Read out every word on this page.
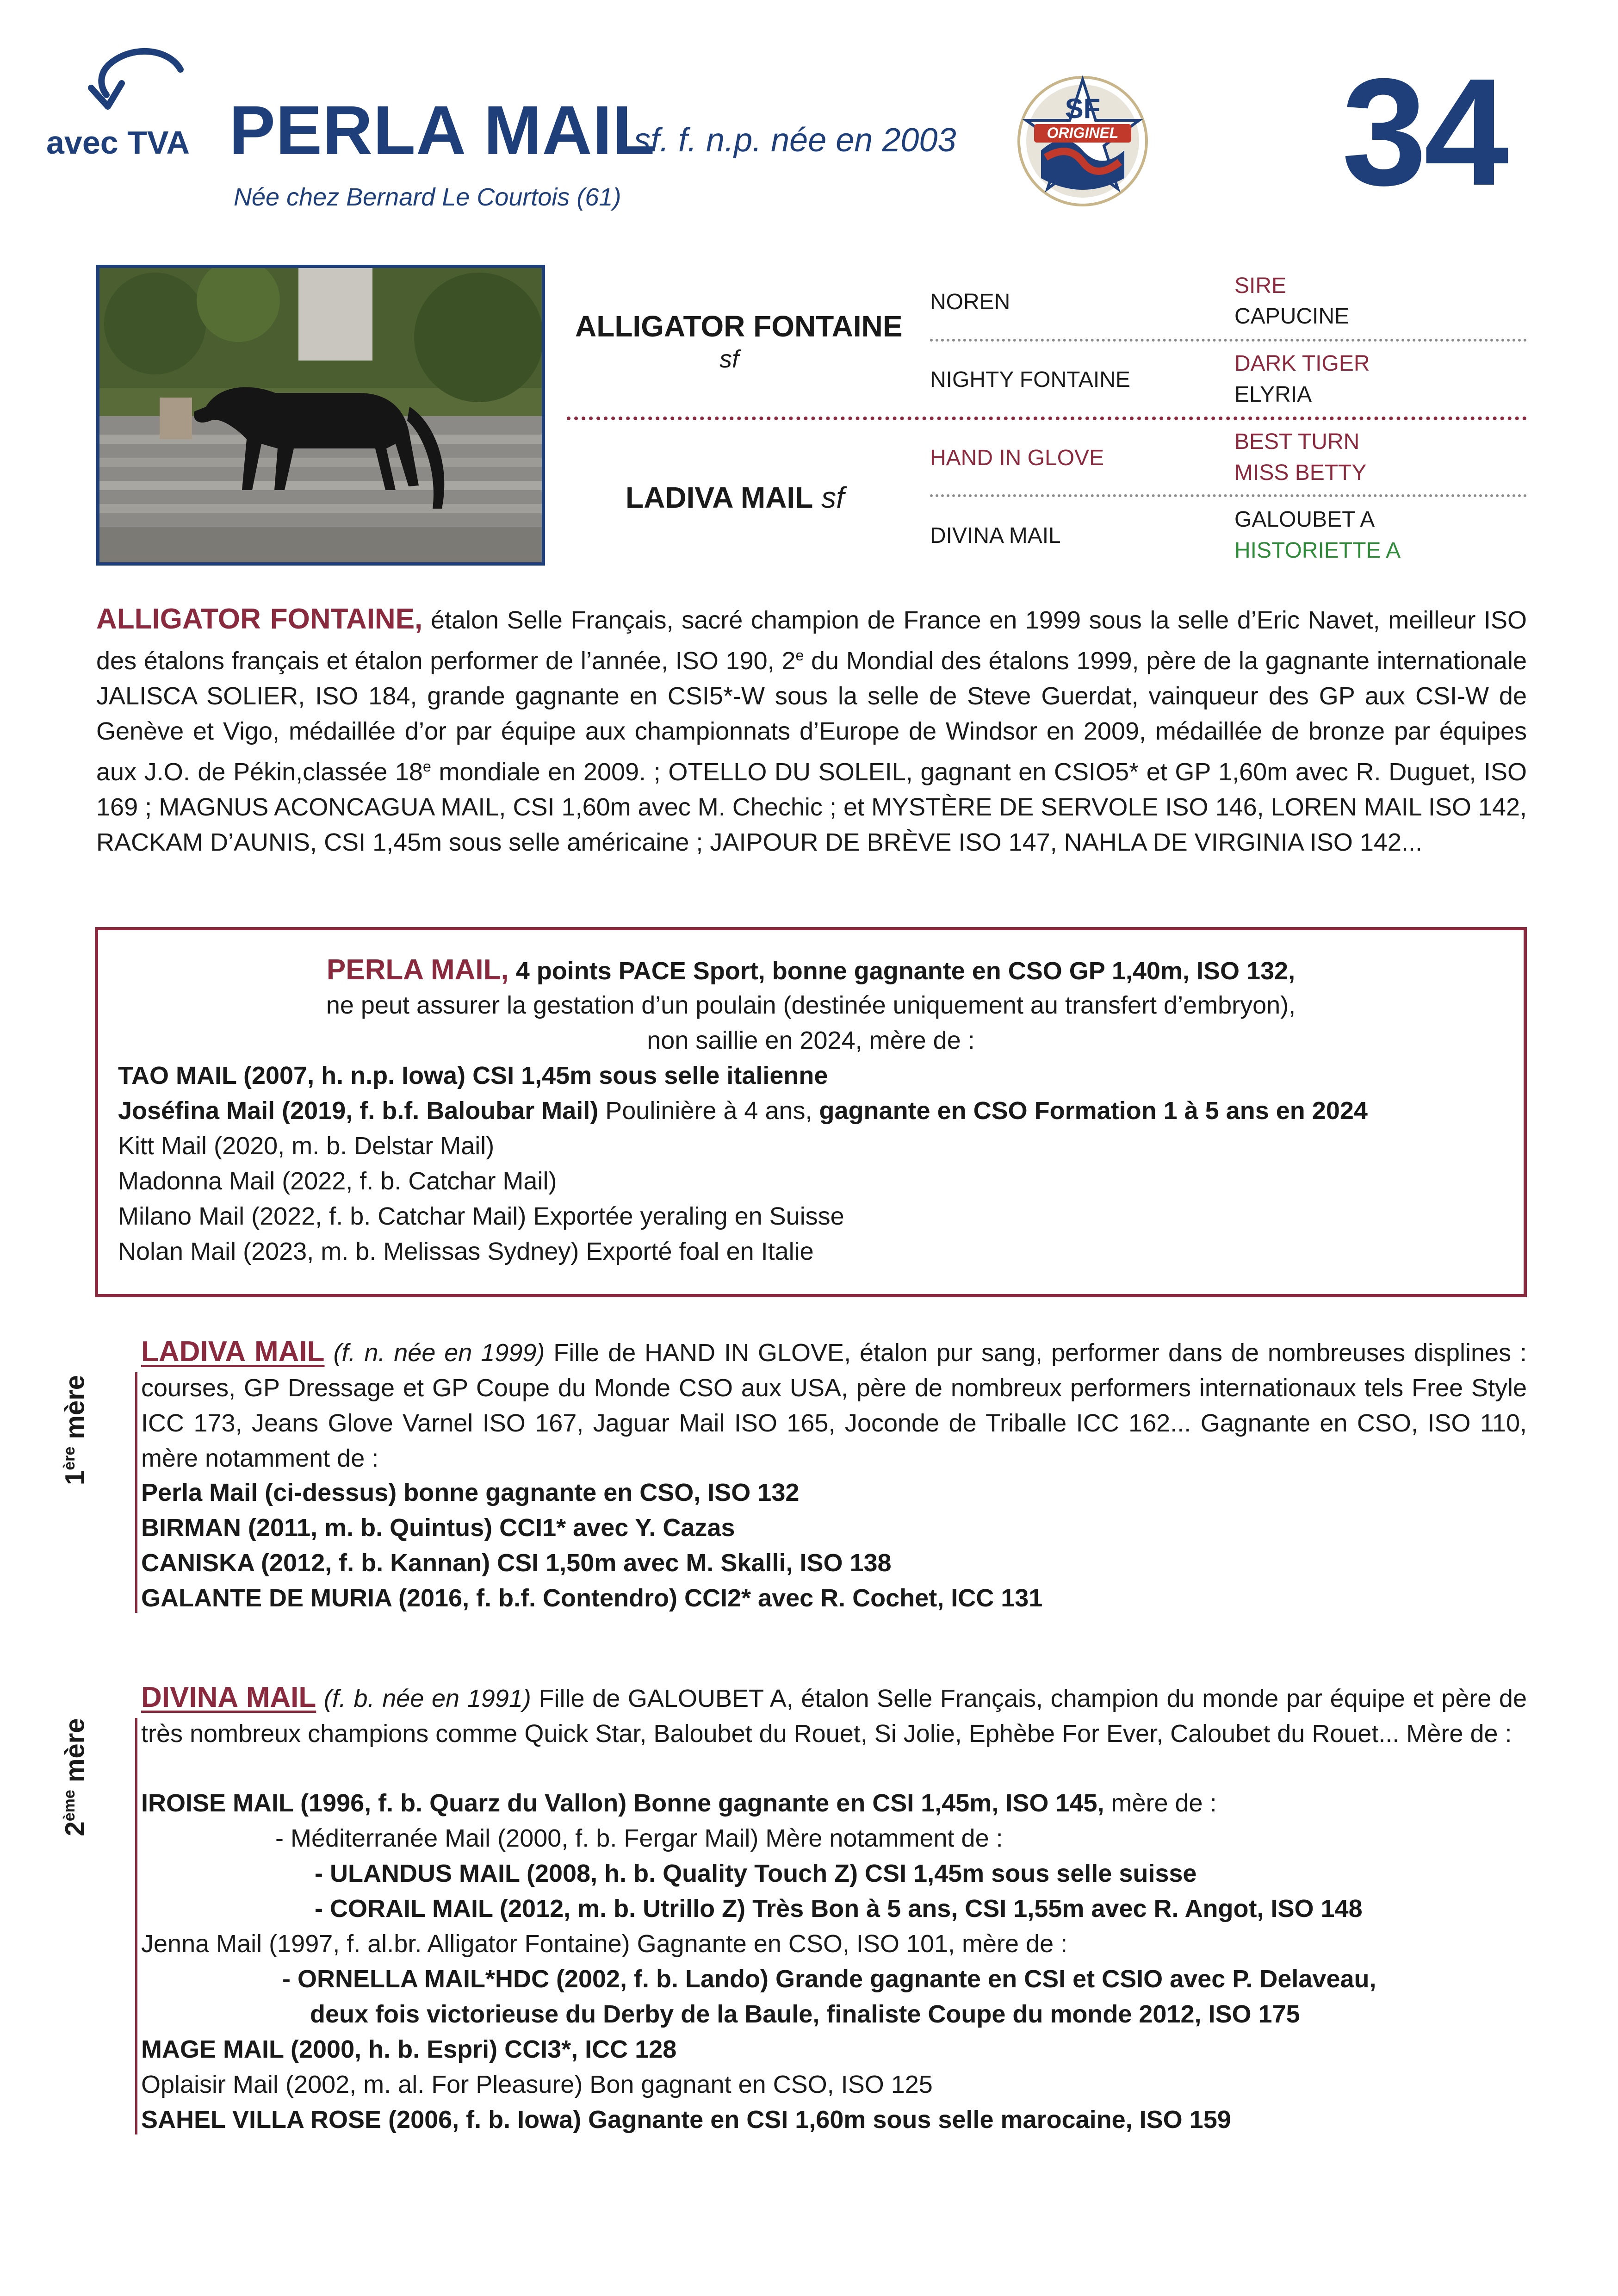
avec TVA PERLA MAIL
sf. f. n.p. née en 2003
Née chez Bernard Le Courtois (61)
SF
ORIGINEL 34
ALLIGATOR FONTAINE
sf
LADIVA MAIL sf
NOREN
NIGHTY FONTAINE
HAND IN GLOVE
DIVINA MAIL
SIRE
CAPUCINE
DARK TIGER
ELYRIA
BEST TURN
MISS BETTY
GALOUBET A
HISTORIETTE A

ALLIGATOR FONTAINE, étalon Selle Français, sacré champion de France en 1999 sous la selle d’Eric Navet, meilleur ISO des étalons français et étalon performer de l’année, ISO 190, 2e du Mondial des étalons 1999, père de la gagnante internationale JALISCA SOLIER, ISO 184, grande gagnante en CSI5*-W sous la selle de Steve Guerdat, vainqueur des GP aux CSI-W de Genève et Vigo, médaillée d’or par équipe aux championnats d’Europe de Windsor en 2009, médaillée de bronze par équipes aux J.O. de Pékin,classée 18e mondiale en 2009. ; OTELLO DU SOLEIL, gagnant en CSIO5* et GP 1,60m avec R. Duguet, ISO 169 ; MAGNUS ACONCAGUA MAIL, CSI 1,60m avec M. Chechic ; et MYSTÈRE DE SERVOLE ISO 146, LOREN MAIL ISO 142, RACKAM D’AUNIS, CSI 1,45m sous selle américaine ; JAIPOUR DE BRÈVE ISO 147, NAHLA DE VIRGINIA ISO 142...

PERLA MAIL, 4 points PACE Sport, bonne gagnante en CSO GP 1,40m, ISO 132,
ne peut assurer la gestation d’un poulain (destinée uniquement au transfert d’embryon),
non saillie en 2024, mère de :
TAO MAIL (2007, h. n.p. Iowa) CSI 1,45m sous selle italienne
Joséfina Mail (2019, f. b.f. Baloubar Mail) Poulinière à 4 ans, gagnante en CSO Formation 1 à 5 ans en 2024
Kitt Mail (2020, m. b. Delstar Mail)
Madonna Mail (2022, f. b. Catchar Mail)
Milano Mail (2022, f. b. Catchar Mail) Exportée yeraling en Suisse
Nolan Mail (2023, m. b. Melissas Sydney) Exporté foal en Italie
1ère mère

LADIVA MAIL (f. n. née en 1999) Fille de HAND IN GLOVE, étalon pur sang, performer dans de nombreuses displines : courses, GP Dressage et GP Coupe du Monde CSO aux USA, père de nombreux performers internationaux tels Free Style ICC 173, Jeans Glove Varnel ISO 167, Jaguar Mail ISO 165, Joconde de Triballe ICC 162... Gagnante en CSO, ISO 110, mère notamment de :

Perla Mail (ci-dessus) bonne gagnante en CSO, ISO 132
BIRMAN (2011, m. b. Quintus) CCI1* avec Y. Cazas
CANISKA (2012, f. b. Kannan) CSI 1,50m avec M. Skalli, ISO 138
GALANTE DE MURIA (2016, f. b.f. Contendro) CCI2* avec R. Cochet, ICC 131
2ème mère

DIVINA MAIL (f. b. née en 1991) Fille de GALOUBET A, étalon Selle Français, champion du monde par équipe et père de très nombreux champions comme Quick Star, Baloubet du Rouet, Si Jolie, Ephèbe For Ever, Caloubet du Rouet... Mère de :

IROISE MAIL (1996, f. b. Quarz du Vallon) Bonne gagnante en CSI 1,45m, ISO 145, mère de :
- Méditerranée Mail (2000, f. b. Fergar Mail) Mère notamment de :
- ULANDUS MAIL (2008, h. b. Quality Touch Z) CSI 1,45m sous selle suisse
- CORAIL MAIL (2012, m. b. Utrillo Z) Très Bon à 5 ans, CSI 1,55m avec R. Angot, ISO 148
Jenna Mail (1997, f. al.br. Alligator Fontaine) Gagnante en CSO, ISO 101, mère de :
- ORNELLA MAIL*HDC (2002, f. b. Lando) Grande gagnante en CSI et CSIO avec P. Delaveau,
deux fois victorieuse du Derby de la Baule, finaliste Coupe du monde 2012, ISO 175
MAGE MAIL (2000, h. b. Espri) CCI3*, ICC 128
Oplaisir Mail (2002, m. al. For Pleasure) Bon gagnant en CSO, ISO 125
SAHEL VILLA ROSE (2006, f. b. Iowa) Gagnante en CSI 1,60m sous selle marocaine, ISO 159
